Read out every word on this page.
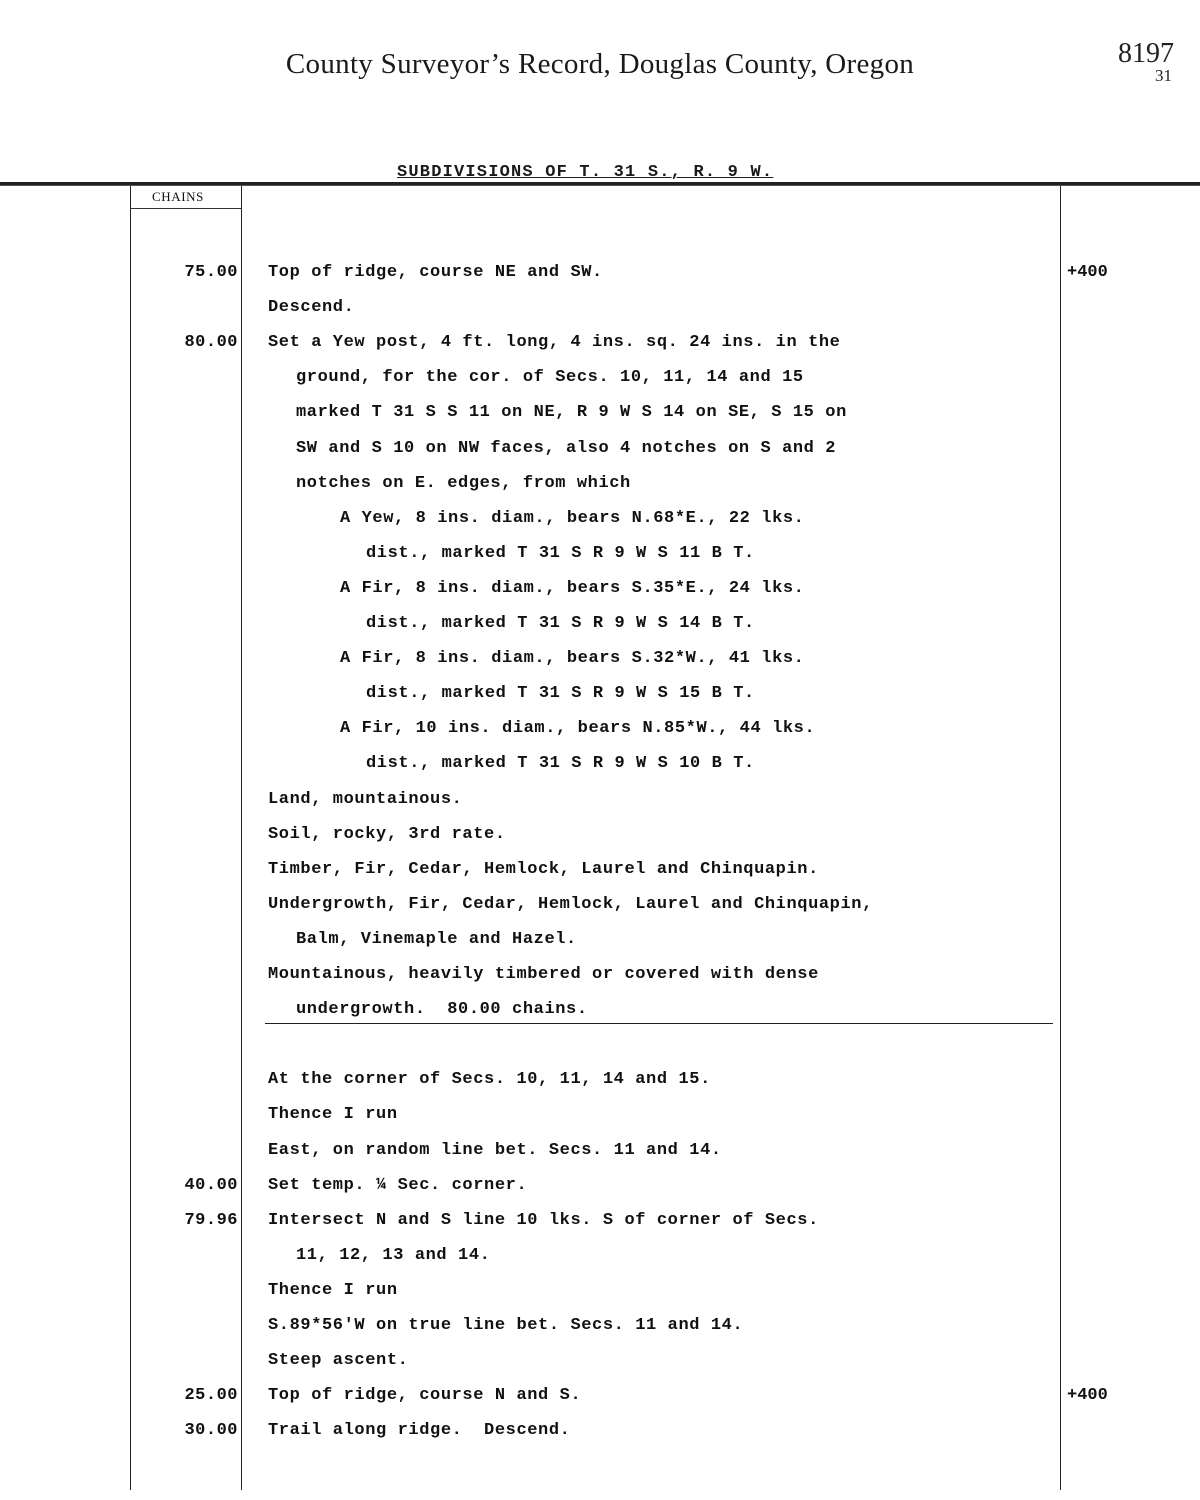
County Surveyor’s Record, Douglas County, Oregon	8197
31
SUBDIVISIONS OF T. 31 S., R. 9 W.
CHAINS
75.00 Top of ridge, course NE and SW.	+400
Descend.
80.00 Set a Yew post, 4 ft. long, 4 ins. sq. 24 ins. in the
ground, for the cor. of Secs. 10, 11, 14 and 15
marked T 31 S S 11 on NE, R 9 W S 14 on SE, S 15 on
SW and S 10 on NW faces, also 4 notches on S and 2
notches on E. edges, from which
A Yew, 8 ins. diam., bears N.68*E., 22 lks.
dist., marked T 31 S R 9 W S 11 B T.
A Fir, 8 ins. diam., bears S.35*E., 24 lks.
dist., marked T 31 S R 9 W S 14 B T.
A Fir, 8 ins. diam., bears S.32*W., 41 lks.
dist., marked T 31 S R 9 W S 15 B T.
A Fir, 10 ins. diam., bears N.85*W., 44 lks.
dist., marked T 31 S R 9 W S 10 B T.
Land, mountainous.
Soil, rocky, 3rd rate.
Timber, Fir, Cedar, Hemlock, Laurel and Chinquapin.
Undergrowth, Fir, Cedar, Hemlock, Laurel and Chinquapin,
Balm, Vinemaple and Hazel.
Mountainous, heavily timbered or covered with dense
undergrowth.  80.00 chains.
At the corner of Secs. 10, 11, 14 and 15.
Thence I run
East, on random line bet. Secs. 11 and 14.
40.00 Set temp. ¼ Sec. corner.
79.96 Intersect N and S line 10 lks. S of corner of Secs.
11, 12, 13 and 14.
Thence I run
S.89*56'W on true line bet. Secs. 11 and 14.
Steep ascent.
25.00 Top of ridge, course N and S.	+400
30.00 Trail along ridge.  Descend.
